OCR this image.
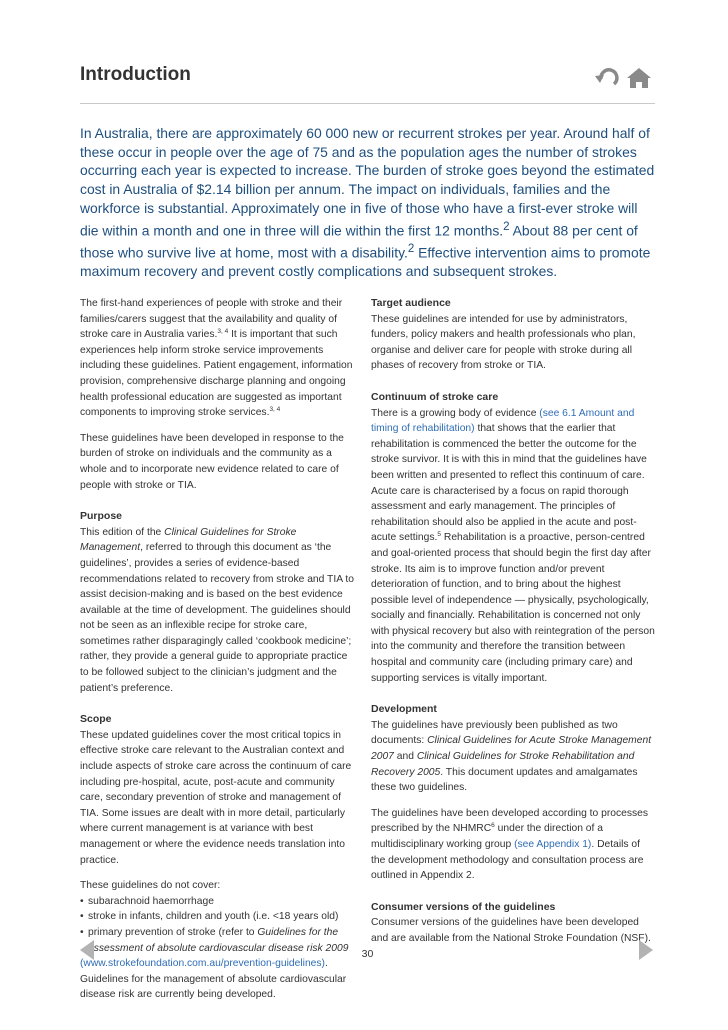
Introduction

In Australia, there are approximately 60 000 new or recurrent strokes per year. Around half of these occur in people over the age of 75 and as the population ages the number of strokes occurring each year is expected to increase. The burden of stroke goes beyond the estimated cost in Australia of $2.14 billion per annum. The impact on individuals, families and the workforce is substantial. Approximately one in five of those who have a first-ever stroke will die within a month and one in three will die within the first 12 months.$^2$ About 88 per cent of those who survive live at home, most with a disability.$^2$ Effective intervention aims to promote maximum recovery and prevent costly complications and subsequent strokes.

The first-hand experiences of people with stroke and their families/carers suggest that the availability and quality of stroke care in Australia varies.$^{3, 4}$ It is important that such experiences help inform stroke service improvements including these guidelines. Patient engagement, information provision, comprehensive discharge planning and ongoing health professional education are suggested as important components to improving stroke services.$^{3, 4}$

These guidelines have been developed in response to the burden of stroke on individuals and the community as a whole and to incorporate new evidence related to care of people with stroke or TIA.

Purpose

This edition of the Clinical Guidelines for Stroke Management, referred to through this document as ‘the guidelines’, provides a series of evidence-based recommendations related to recovery from stroke and TIA to assist decision-making and is based on the best evidence available at the time of development. The guidelines should not be seen as an inflexible recipe for stroke care, sometimes rather disparagingly called ‘cookbook medicine’; rather, they provide a general guide to appropriate practice to be followed subject to the clinician’s judgment and the patient’s preference.

Scope

These updated guidelines cover the most critical topics in effective stroke care relevant to the Australian context and include aspects of stroke care across the continuum of care including pre-hospital, acute, post-acute and community care, secondary prevention of stroke and management of TIA. Some issues are dealt with in more detail, particularly where current management is at variance with best management or where the evidence needs translation into practice.

These guidelines do not cover:
• subarachnoid haemorrhage
• stroke in infants, children and youth (i.e. <18 years old)
• primary prevention of stroke (refer to Guidelines for the assessment of absolute cardiovascular disease risk 2009
(www.strokefoundation.com.au/prevention-guidelines). Guidelines for the management of absolute cardiovascular disease risk are currently being developed.
Target audience

These guidelines are intended for use by administrators, funders, policy makers and health professionals who plan, organise and deliver care for people with stroke during all phases of recovery from stroke or TIA.

Continuum of stroke care

There is a growing body of evidence (see 6.1 Amount and timing of rehabilitation) that shows that the earlier that rehabilitation is commenced the better the outcome for the stroke survivor. It is with this in mind that the guidelines have been written and presented to reflect this continuum of care. Acute care is characterised by a focus on rapid thorough assessment and early management. The principles of rehabilitation should also be applied in the acute and post-acute settings.$^5$ Rehabilitation is a proactive, person-centred and goal-oriented process that should begin the first day after stroke. Its aim is to improve function and/or prevent deterioration of function, and to bring about the highest possible level of independence — physically, psychologically, socially and financially. Rehabilitation is concerned not only with physical recovery but also with reintegration of the person into the community and therefore the transition between hospital and community care (including primary care) and supporting services is vitally important.

Development

The guidelines have previously been published as two documents: Clinical Guidelines for Acute Stroke Management 2007 and Clinical Guidelines for Stroke Rehabilitation and Recovery 2005. This document updates and amalgamates these two guidelines.

The guidelines have been developed according to processes prescribed by the NHMRC$^6$ under the direction of a multidisciplinary working group (see Appendix 1). Details of the development methodology and consultation process are outlined in Appendix 2.

Consumer versions of the guidelines

Consumer versions of the guidelines have been developed and are available from the National Stroke Foundation (NSF).

30
